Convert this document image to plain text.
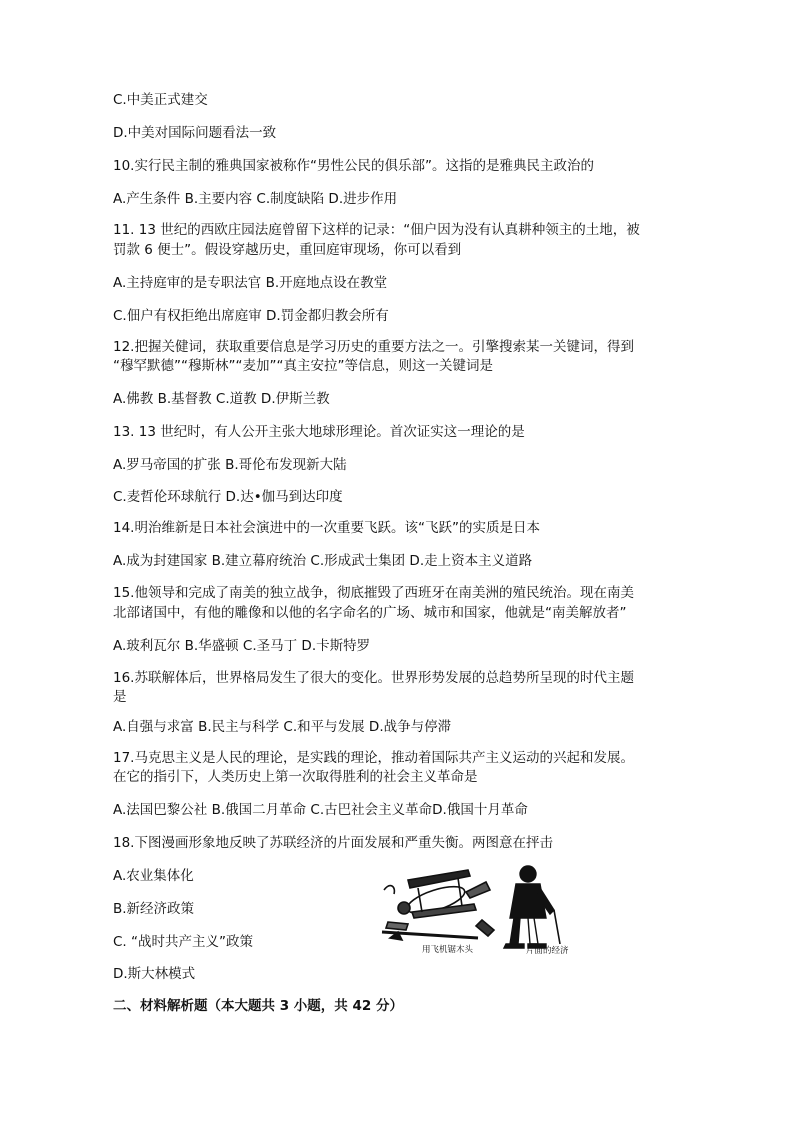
C.中美正式建交
D.中美对国际问题看法一致
10.实行民主制的雅典国家被称作“男性公民的俱乐部”。这指的是雅典民主政治的
A.产生条件 B.主要内容 C.制度缺陷 D.进步作用
11. 13 世纪的西欧庄园法庭曾留下这样的记录：“佃户因为没有认真耕种领主的土地，被
罚款 6 便士”。假设穿越历史，重回庭审现场，你可以看到
A.主持庭审的是专职法官 B.开庭地点设在教堂
C.佃户有权拒绝出席庭审 D.罚金都归教会所有
12.把握关健词，获取重要信息是学习历史的重要方法之一。引擎搜索某一关键词，得到
“穆罕默德”“穆斯林”“麦加”“真主安拉”等信息，则这一关键词是
A.佛教 B.基督教 C.道教 D.伊斯兰教
13. 13 世纪时，有人公开主张大地球形理论。首次证实这一理论的是
A.罗马帝国的扩张 B.哥伦布发现新大陆
C.麦哲伦环球航行 D.达•伽马到达印度
14.明治维新是日本社会演进中的一次重要飞跃。该“飞跃”的实质是日本
A.成为封建国家 B.建立幕府统治 C.形成武士集团 D.走上资本主义道路
15.他领导和完成了南美的独立战争，彻底摧毁了西班牙在南美洲的殖民统治。现在南美
北部诸国中，有他的雕像和以他的名字命名的广场、城市和国家，他就是“南美解放者”
A.玻利瓦尔 B.华盛顿 C.圣马丁 D.卡斯特罗
16.苏联解体后，世界格局发生了很大的变化。世界形势发展的总趋势所呈现的时代主题
是
A.自强与求富 B.民主与科学 C.和平与发展 D.战争与停滞
17.马克思主义是人民的理论，是实践的理论，推动着国际共产主义运动的兴起和发展。
在它的指引下，人类历史上第一次取得胜利的社会主义革命是
A.法国巴黎公社 B.俄国二月革命 C.古巴社会主义革命D.俄国十月革命
18.下图漫画形象地反映了苏联经济的片面发展和严重失衡。两图意在抨击
A.农业集体化
B.新经济政策
C. “战时共产主义”政策
D.斯大林模式
二、材料解析题（本大题共 3 小题，共 42 分）
用飞机锯木头	片面的经济
